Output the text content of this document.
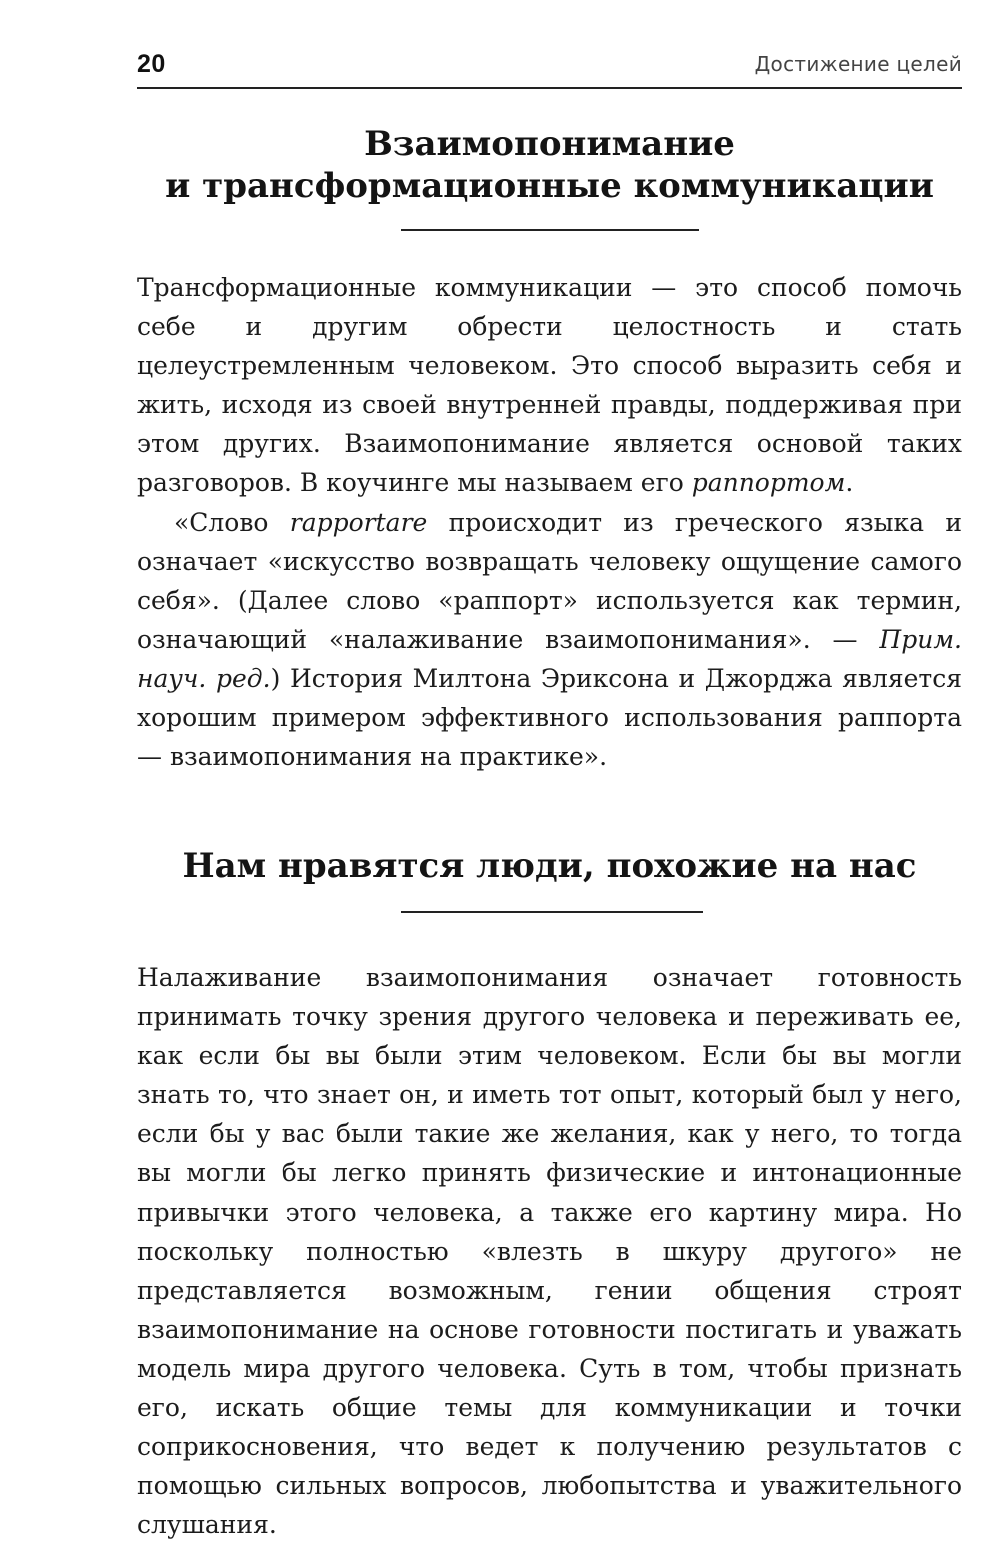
20	Достижение целей
Взаимопонимание
и трансформационные коммуникации

Трансформационные коммуникации — это способ помочь себе и другим обрести целостность и стать целеустремленным человеком. Это способ выразить себя и жить, исходя из своей внутренней правды, поддерживая при этом других. Взаимопонимание является основой таких разговоров. В коучинге мы называем его раппортом.

«Слово rapportare происходит из греческого языка и означает «искусство возвращать человеку ощущение самого себя». (Далее слово «раппорт» используется как термин, означающий «налаживание взаимопонимания». — Прим. науч. ред.) История Милтона Эриксона и Джорджа является хорошим примером эффективного использования раппорта — взаимопонимания на практике».

Нам нравятся люди, похожие на нас

Налаживание взаимопонимания означает готовность принимать точку зрения другого человека и переживать ее, как если бы вы были этим человеком. Если бы вы могли знать то, что знает он, и иметь тот опыт, который был у него, если бы у вас были такие же желания, как у него, то тогда вы могли бы легко принять физические и интонационные привычки этого человека, а также его картину мира. Но поскольку полностью «влезть в шкуру другого» не представляется возможным, гении общения строят взаимопонимание на основе готовности постигать и уважать модель мира другого человека. Суть в том, чтобы признать его, искать общие темы для коммуникации и точки соприкосновения, что ведет к получению результатов с помощью сильных вопросов, любопытства и уважительного слушания.
